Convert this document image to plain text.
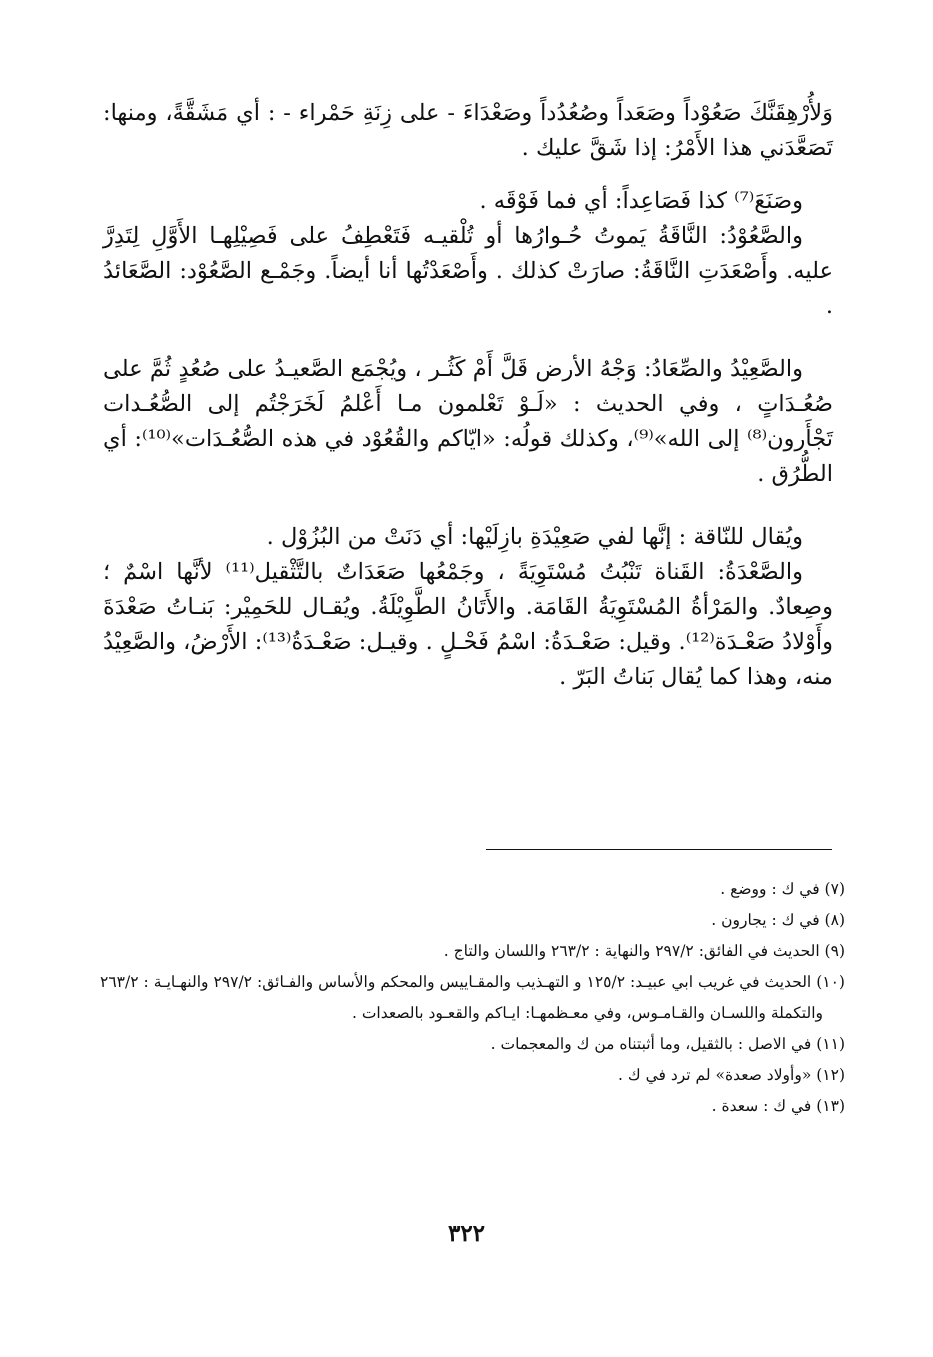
وَلأُرْهِقَنَّكَ صَعُوْداً وصَعَداً وصُعُدُداً وصَعْدَاءَ - على زِنَةِ حَمْراء - : أي مَشَقَّةً، ومنها: تَصَعَّدَني هذا الأَمْرُ: إذا شَقَّ عليك .

وصَنَعَ⁽⁷⁾ كذا فَصَاعِداً: أي فما فَوْقَه .

والصَّعُوْدُ: النَّاقَةُ يَموتُ حُـوارُها أو تُلْقيـه فَتَعْطِفُ على فَصِيْلِهـا الأَوَّلِ لِتَدِرَّ عليه. وأَصْعَدَتِ النَّاقَةُ: صارَتْ كذلك . وأَصْعَدْتُها أنا أيضاً. وجَمْـع الصَّعُوْد: الصَّعَائدُ .

والصَّعِيْدُ والصِّعَادُ: وَجْهُ الأرض قَلَّ أَمْ كَثُـر ، ويُجْمَع الصَّعيـدُ على صُعُدٍ ثُمَّ على صُعُـدَاتٍ ، وفي الحديث : «لَـوْ تَعْلمون مـا أَعْلمُ لَخَرَجْتُم إلى الصُّعُـدات تَجْأَرون⁽⁸⁾ إلى الله»⁽⁹⁾، وكذلك قولُه: «ايّاكم والقُعُوْد في هذه الصُّعُـدَات»⁽¹⁰⁾: أي الطُّرُق .

ويُقال للنّاقة : إنَّها لفي صَعِيْدَةِ بازِلَيْها: أي دَنَتْ من البُزُوْل .

والصَّعْدَةُ: القَناة تَنْبُتُ مُسْتَوِيَةً ، وجَمْعُها صَعَدَاتٌ بالتَّثْقيل⁽¹¹⁾ لأنَّها اسْمٌ ؛ وصِعادٌ. والمَرْأةُ المُسْتَوِيَةُ القَامَة. والأَتَانُ الطَّوِيْلَةُ. ويُقـال للحَمِيْر: بَنـاتُ صَعْدَةَ وأَوْلادُ صَعْـدَة⁽¹²⁾. وقيل: صَعْـدَةُ: اسْمُ فَحْـلٍ . وقيـل: صَعْـدَةُ⁽¹³⁾: الأَرْضُ، والصَّعِيْدُ منه، وهذا كما يُقال بَناتُ البَرّ .

(٧) في ك : ووضع .

(٨) في ك : يجارون .

(٩) الحديث في الفائق: ٢٩٧/٢ والنهاية : ٢٦٣/٢ واللسان والتاج .

(١٠) الحديث في غريب ابي عبيـد: ١٢٥/٢ و التهـذيب والمقـاييس والمحكم والأساس والفـائق: ٢٩٧/٢ والنهـايـة : ٢٦٣/٢ والتكملة واللسـان والقـامـوس، وفي معـظمهـا: ايـاكم والقعـود بالصعدات .

(١١) في الاصل : بالثقيل، وما أثبتناه من ك والمعجمات .

(١٢) «وأولاد صعدة» لم ترد في ك .

(١٣) في ك : سعدة .

٣٢٢
